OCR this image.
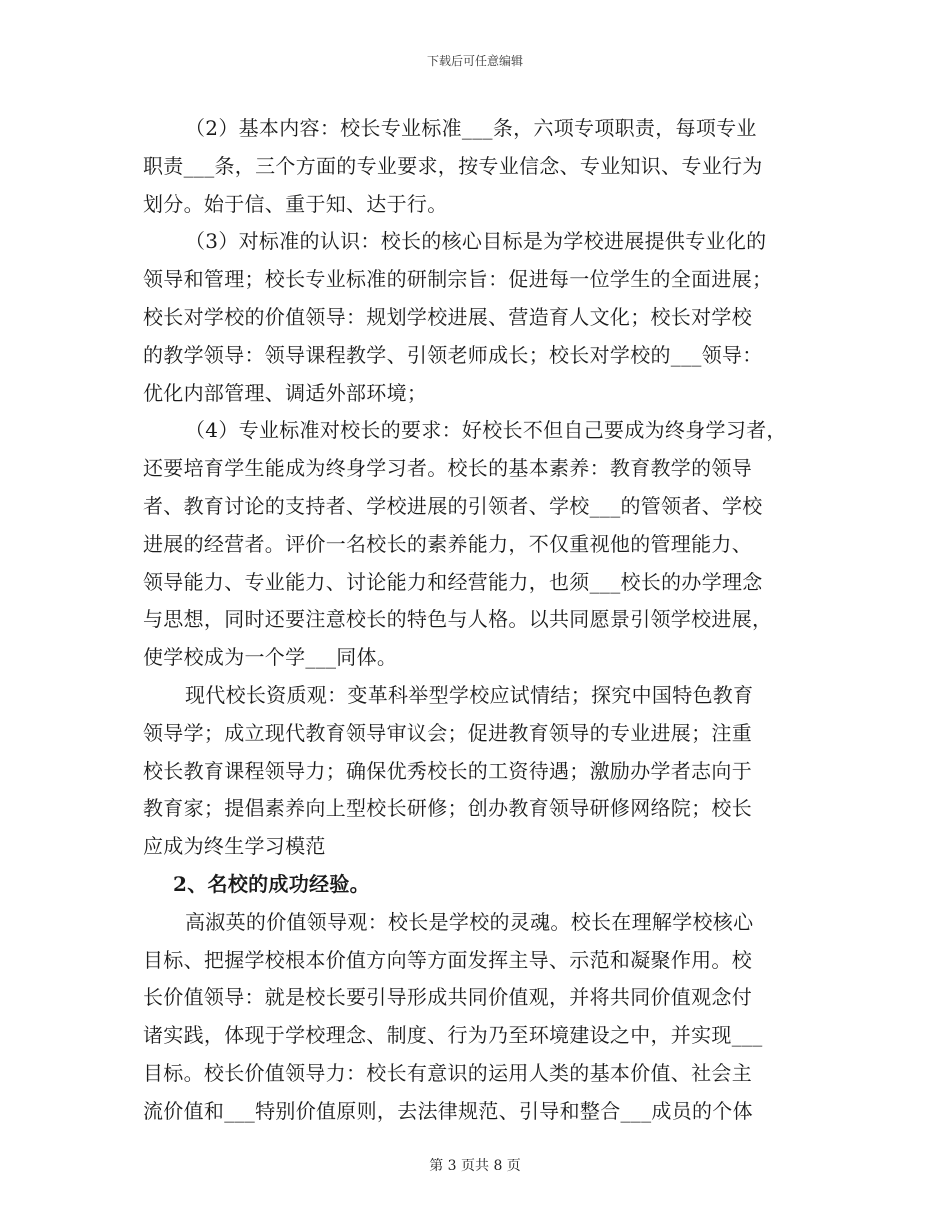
下载后可任意编辑
（2）基本内容：校长专业标准___条，六项专项职责，每项专业
职责___条，三个方面的专业要求，按专业信念、专业知识、专业行为
划分。始于信、重于知、达于行。
（3）对标准的认识：校长的核心目标是为学校进展提供专业化的
领导和管理；校长专业标准的研制宗旨：促进每一位学生的全面进展；
校长对学校的价值领导：规划学校进展、营造育人文化；校长对学校
的教学领导：领导课程教学、引领老师成长；校长对学校的___领导：
优化内部管理、调适外部环境；
（4）专业标准对校长的要求：好校长不但自己要成为终身学习者，
还要培育学生能成为终身学习者。校长的基本素养：教育教学的领导
者、教育讨论的支持者、学校进展的引领者、学校___的管领者、学校
进展的经营者。评价一名校长的素养能力，不仅重视他的管理能力、
领导能力、专业能力、讨论能力和经营能力，也须___校长的办学理念
与思想，同时还要注意校长的特色与人格。以共同愿景引领学校进展，
使学校成为一个学___同体。
现代校长资质观：变革科举型学校应试情结；探究中国特色教育
领导学；成立现代教育领导审议会；促进教育领导的专业进展；注重
校长教育课程领导力；确保优秀校长的工资待遇；激励办学者志向于
教育家；提倡素养向上型校长研修；创办教育领导研修网络院；校长
应成为终生学习模范
2、名校的成功经验。
高淑英的价值领导观：校长是学校的灵魂。校长在理解学校核心
目标、把握学校根本价值方向等方面发挥主导、示范和凝聚作用。校
长价值领导：就是校长要引导形成共同价值观，并将共同价值观念付
诸实践，体现于学校理念、制度、行为乃至环境建设之中，并实现___
目标。校长价值领导力：校长有意识的运用人类的基本价值、社会主
流价值和___特别价值原则，去法律规范、引导和整合___成员的个体
第 3 页共 8 页
